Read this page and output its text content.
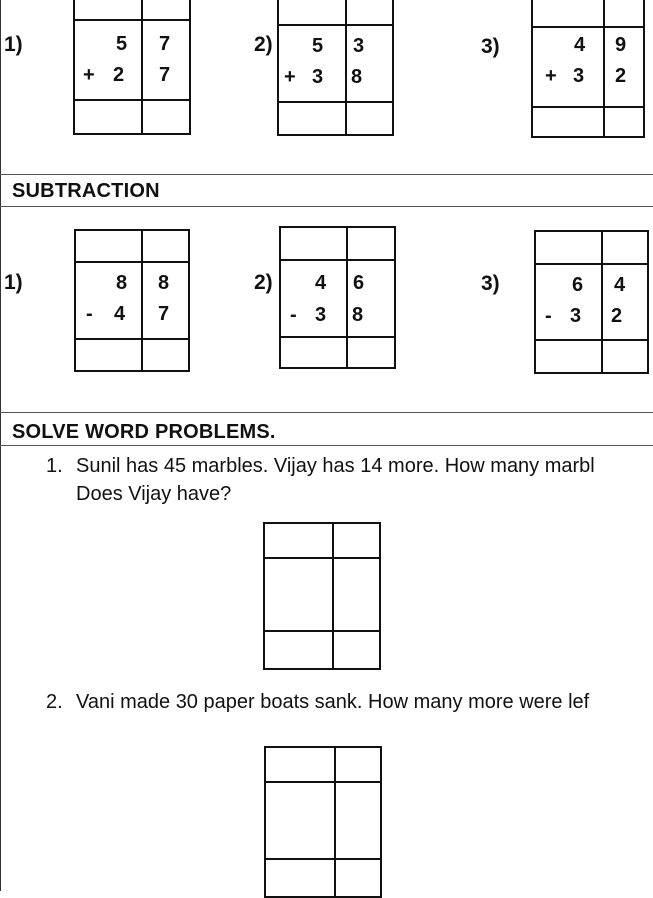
1)	5 7
+ 2 7
2) 5 3
+ 3 8
3)	4 9
+ 3 2
SUBTRACTION
1)	8 8
- 4 7
2) 4 6
- 3 8
3)	6 4
- 3 2
SOLVE WORD PROBLEMS.
1. Sunil has 45 marbles. Vijay has 14 more. How many marbl
Does Vijay have?
2. Vani made 30 paper boats sank. How many more were lef
